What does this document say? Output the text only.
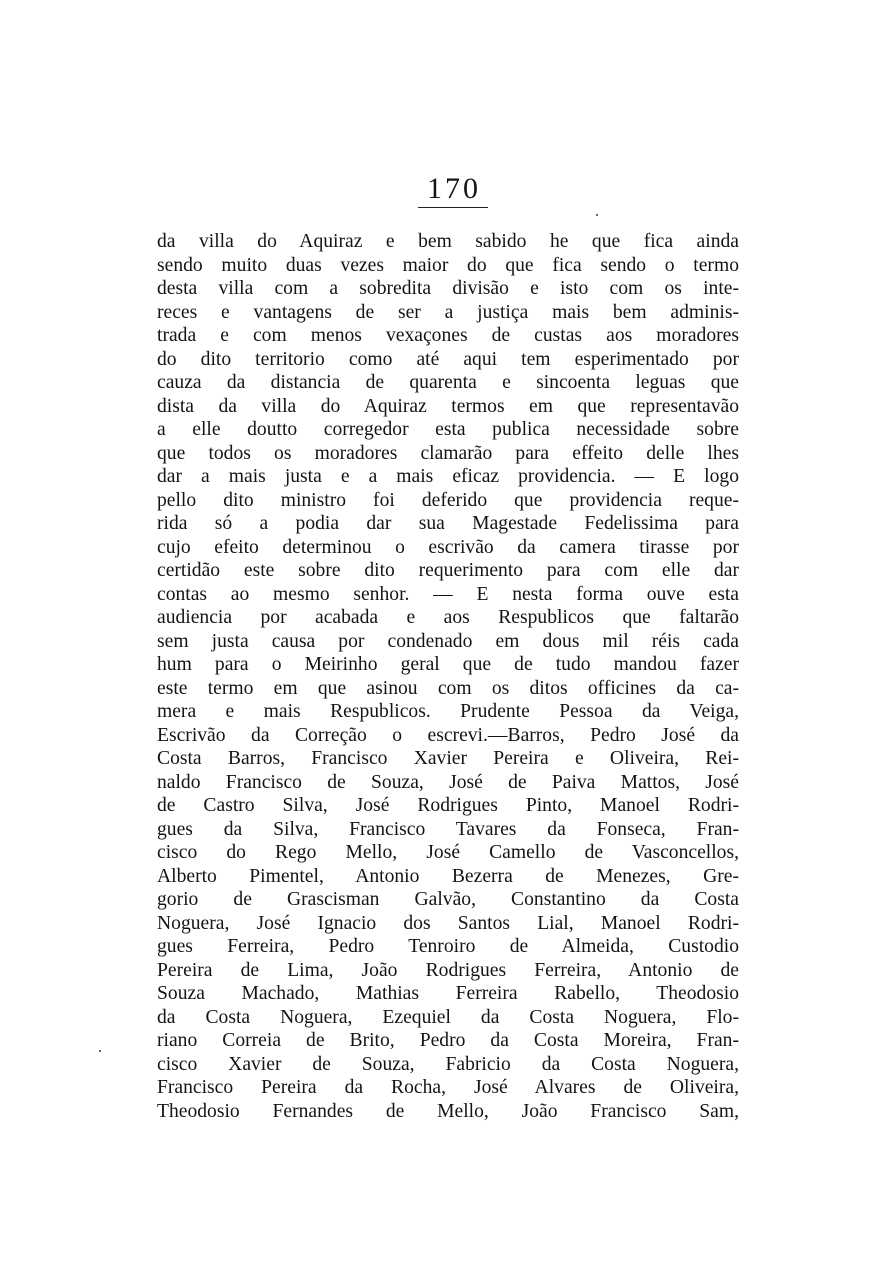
170
da villa do Aquiraz e bem sabido he que fica ainda
sendo muito duas vezes maior do que fica sendo o termo
desta villa com a sobredita divisão e isto com os inte-
reces e vantagens de ser a justiça mais bem adminis-
trada e com menos vexaçones de custas aos moradores
do dito territorio como até aqui tem esperimentado por
cauza da distancia de quarenta e sincoenta leguas que
dista da villa do Aquiraz termos em que representavão
a elle doutto corregedor esta publica necessidade sobre
que todos os moradores clamarão para effeito delle lhes
dar a mais justa e a mais eficaz providencia. — E logo
pello dito ministro foi deferido que providencia reque-
rida só a podia dar sua Magestade Fedelissima para
cujo efeito determinou o escrivão da camera tirasse por
certidão este sobre dito requerimento para com elle dar
contas ao mesmo senhor. — E nesta forma ouve esta
audiencia por acabada e aos Respublicos que faltarão
sem justa causa por condenado em dous mil réis cada
hum para o Meirinho geral que de tudo mandou fazer
este termo em que asinou com os ditos officines da ca-
mera e mais Respublicos. Prudente Pessoa da Veiga,
Escrivão da Correção o escrevi.—Barros, Pedro José da
Costa Barros, Francisco Xavier Pereira e Oliveira, Rei-
naldo Francisco de Souza, José de Paiva Mattos, José
de Castro Silva, José Rodrigues Pinto, Manoel Rodri-
gues da Silva, Francisco Tavares da Fonseca, Fran-
cisco do Rego Mello, José Camello de Vasconcellos,
Alberto Pimentel, Antonio Bezerra de Menezes, Gre-
gorio de Grascisman Galvão, Constantino da Costa
Noguera, José Ignacio dos Santos Lial, Manoel Rodri-
gues Ferreira, Pedro Tenroiro de Almeida, Custodio
Pereira de Lima, João Rodrigues Ferreira, Antonio de
Souza Machado, Mathias Ferreira Rabello, Theodosio
da Costa Noguera, Ezequiel da Costa Noguera, Flo-
riano Correia de Brito, Pedro da Costa Moreira, Fran-
cisco Xavier de Souza, Fabricio da Costa Noguera,
Francisco Pereira da Rocha, José Alvares de Oliveira,
Theodosio Fernandes de Mello, João Francisco Sam,
